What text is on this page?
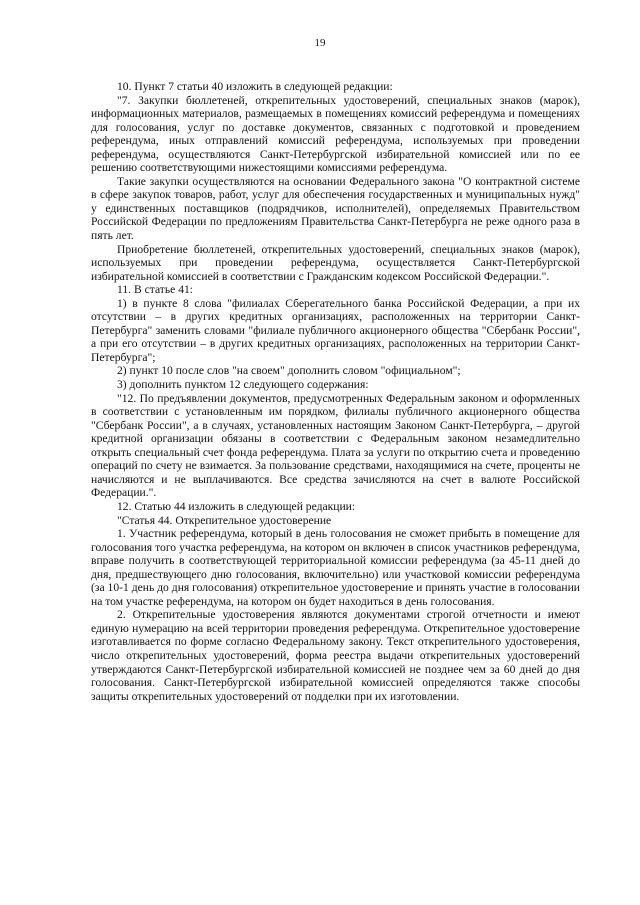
19

10. Пункт 7 статьи 40 изложить в следующей редакции:

"7. Закупки бюллетеней, открепительных удостоверений, специальных знаков (марок), информационных материалов, размещаемых в помещениях комиссий референдума и помещениях для голосования, услуг по доставке документов, связанных с подготовкой и проведением референдума, иных отправлений комиссий референдума, используемых при проведении референдума, осуществляются Санкт-Петербургской избирательной комиссией или по ее решению соответствующими нижестоящими комиссиями референдума.

Такие закупки осуществляются на основании Федерального закона "О контрактной системе в сфере закупок товаров, работ, услуг для обеспечения государственных и муниципальных нужд" у единственных поставщиков (подрядчиков, исполнителей), определяемых Правительством Российской Федерации по предложениям Правительства Санкт-Петербурга не реже одного раза в пять лет.

Приобретение бюллетеней, открепительных удостоверений, специальных знаков (марок), используемых при проведении референдума, осуществляется Санкт-Петербургской избирательной комиссией в соответствии с Гражданским кодексом Российской Федерации.".

11. В статье 41:

1) в пункте 8 слова "филиалах Сберегательного банка Российской Федерации, а при их отсутствии – в других кредитных организациях, расположенных на территории Санкт-Петербурга" заменить словами "филиале публичного акционерного общества "Сбербанк России", а при его отсутствии – в других кредитных организациях, расположенных на территории Санкт-Петербурга";

2) пункт 10 после слов "на своем" дополнить словом "официальном";

3) дополнить пунктом 12 следующего содержания:

"12. По предъявлении документов, предусмотренных Федеральным законом и оформленных в соответствии с установленным им порядком, филиалы публичного акционерного общества "Сбербанк России", а в случаях, установленных настоящим Законом Санкт-Петербурга, – другой кредитной организации обязаны в соответствии с Федеральным законом незамедлительно открыть специальный счет фонда референдума. Плата за услуги по открытию счета и проведению операций по счету не взимается. За пользование средствами, находящимися на счете, проценты не начисляются и не выплачиваются. Все средства зачисляются на счет в валюте Российской Федерации.".

12. Статью 44 изложить в следующей редакции:

"Статья 44. Открепительное удостоверение

1. Участник референдума, который в день голосования не сможет прибыть в помещение для голосования того участка референдума, на котором он включен в список участников референдума, вправе получить в соответствующей территориальной комиссии референдума (за 45-11 дней до дня, предшествующего дню голосования, включительно) или участковой комиссии референдума (за 10-1 день до дня голосования) открепительное удостоверение и принять участие в голосовании на том участке референдума, на котором он будет находиться в день голосования.

2. Открепительные удостоверения являются документами строгой отчетности и имеют единую нумерацию на всей территории проведения референдума. Открепительное удостоверение изготавливается по форме согласно Федеральному закону. Текст открепительного удостоверения, число открепительных удостоверений, форма реестра выдачи открепительных удостоверений утверждаются Санкт-Петербургской избирательной комиссией не позднее чем за 60 дней до дня голосования. Санкт-Петербургской избирательной комиссией определяются также способы защиты открепительных удостоверений от подделки при их изготовлении.
